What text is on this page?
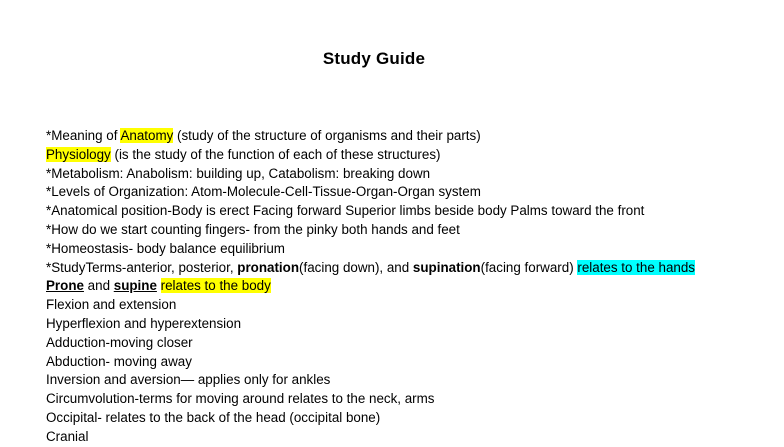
Study Guide
*Meaning of Anatomy (study of the structure of organisms and their parts)
Physiology (is the study of the function of each of these structures)
*Metabolism: Anabolism: building up, Catabolism: breaking down
*Levels of Organization: Atom-Molecule-Cell-Tissue-Organ-Organ system
*Anatomical position-Body is erect Facing forward Superior limbs beside body Palms toward the front
*How do we start counting fingers- from the pinky both hands and feet
*Homeostasis- body balance equilibrium
*StudyTerms-anterior, posterior, pronation(facing down), and supination(facing forward) relates to the hands
Prone and supine relates to the body
Flexion and extension
Hyperflexion and hyperextension
Adduction-moving closer
Abduction- moving away
Inversion and aversion— applies only for ankles
Circumvolution-terms for moving around relates to the neck, arms
Occipital- relates to the back of the head (occipital bone)
Cranial
